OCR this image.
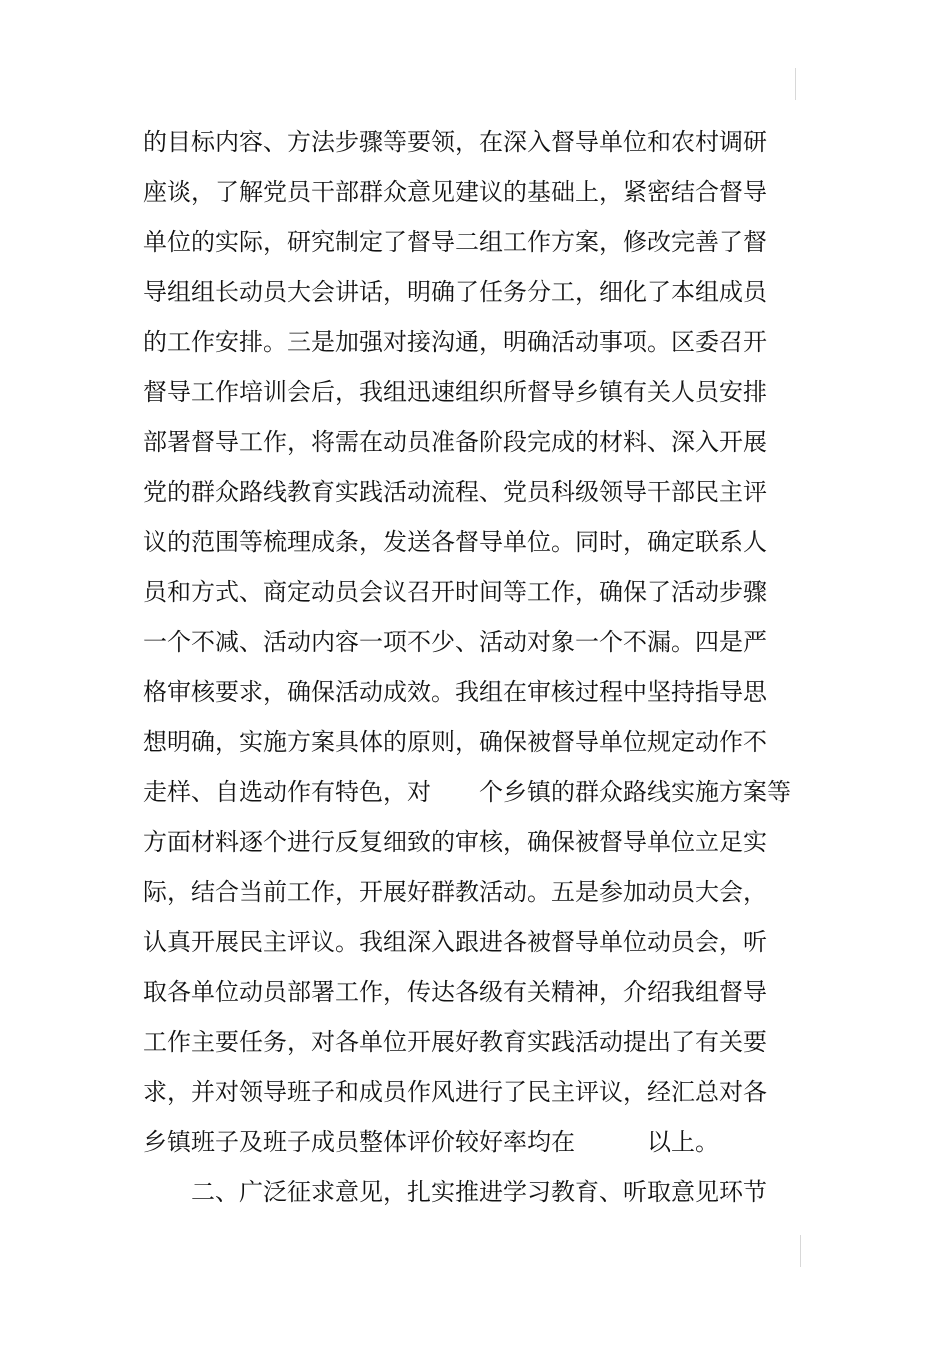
的目标内容、方法步骤等要领，在深入督导单位和农村调研
座谈，了解党员干部群众意见建议的基础上，紧密结合督导
单位的实际，研究制定了督导二组工作方案，修改完善了督
导组组长动员大会讲话，明确了任务分工，细化了本组成员
的工作安排。三是加强对接沟通，明确活动事项。区委召开
督导工作培训会后，我组迅速组织所督导乡镇有关人员安排
部署督导工作，将需在动员准备阶段完成的材料、深入开展
党的群众路线教育实践活动流程、党员科级领导干部民主评
议的范围等梳理成条，发送各督导单位。同时，确定联系人
员和方式、商定动员会议召开时间等工作，确保了活动步骤
一个不减、活动内容一项不少、活动对象一个不漏。四是严
格审核要求，确保活动成效。我组在审核过程中坚持指导思
想明确，实施方案具体的原则，确保被督导单位规定动作不
走样、自选动作有特色，对　　个乡镇的群众路线实施方案等
方面材料逐个进行反复细致的审核，确保被督导单位立足实
际，结合当前工作，开展好群教活动。五是参加动员大会，
认真开展民主评议。我组深入跟进各被督导单位动员会，听
取各单位动员部署工作，传达各级有关精神，介绍我组督导
工作主要任务，对各单位开展好教育实践活动提出了有关要
求，并对领导班子和成员作风进行了民主评议，经汇总对各
乡镇班子及班子成员整体评价较好率均在　　　以上。
　　二、广泛征求意见，扎实推进学习教育、听取意见环节
